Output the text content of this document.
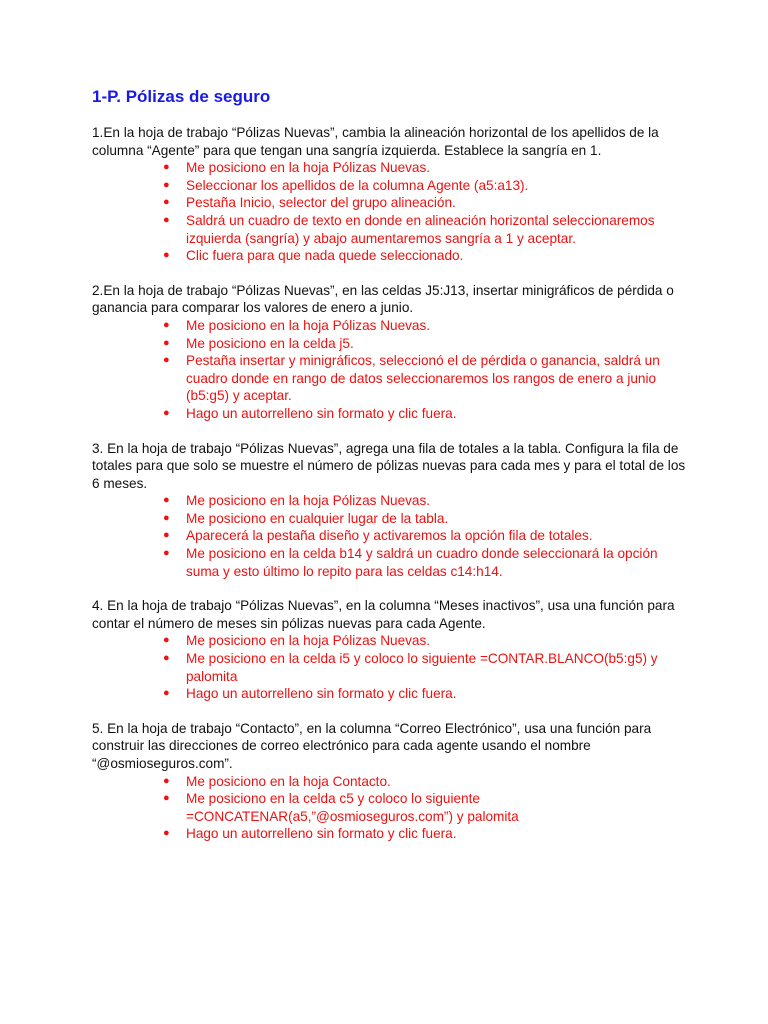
1-P. Pólizas de seguro

1.En la hoja de trabajo “Pólizas Nuevas”, cambia la alineación horizontal de los apellidos de la columna “Agente” para que tengan una sangría izquierda. Establece la sangría en 1.

● Me posiciono en la hoja Pólizas Nuevas.
● Seleccionar los apellidos de la columna Agente (a5:a13).
● Pestaña Inicio, selector del grupo alineación.
● Saldrá un cuadro de texto en donde en alineación horizontal seleccionaremos izquierda (sangría) y abajo aumentaremos sangría a 1 y aceptar.
● Clic fuera para que nada quede seleccionado.

2.En la hoja de trabajo “Pólizas Nuevas”, en las celdas J5:J13, insertar minigráficos de pérdida o ganancia para comparar los valores de enero a junio.

● Me posiciono en la hoja Pólizas Nuevas.
● Me posiciono en la celda j5.
● Pestaña insertar y minigráficos, seleccionó el de pérdida o ganancia, saldrá un cuadro donde en rango de datos seleccionaremos los rangos de enero a junio (b5:g5) y aceptar.
● Hago un autorrelleno sin formato y clic fuera.

3. En la hoja de trabajo “Pólizas Nuevas”, agrega una fila de totales a la tabla. Configura la fila de totales para que solo se muestre el número de pólizas nuevas para cada mes y para el total de los 6 meses.

● Me posiciono en la hoja Pólizas Nuevas.
● Me posiciono en cualquier lugar de la tabla.
● Aparecerá la pestaña diseño y activaremos la opción fila de totales.
● Me posiciono en la celda b14 y saldrá un cuadro donde seleccionará la opción suma y esto último lo repito para las celdas c14:h14.

4. En la hoja de trabajo “Pólizas Nuevas”, en la columna “Meses inactivos”, usa una función para contar el número de meses sin pólizas nuevas para cada Agente.

● Me posiciono en la hoja Pólizas Nuevas.
● Me posiciono en la celda i5 y coloco lo siguiente =CONTAR.BLANCO(b5:g5) y palomita
● Hago un autorrelleno sin formato y clic fuera.

5. En la hoja de trabajo “Contacto”, en la columna “Correo Electrónico”, usa una función para construir las direcciones de correo electrónico para cada agente usando el nombre “@osmioseguros.com”.

● Me posiciono en la hoja Contacto.
● Me posiciono en la celda c5 y coloco lo siguiente =CONCATENAR(a5,”@osmioseguros.com”) y palomita
● Hago un autorrelleno sin formato y clic fuera.
